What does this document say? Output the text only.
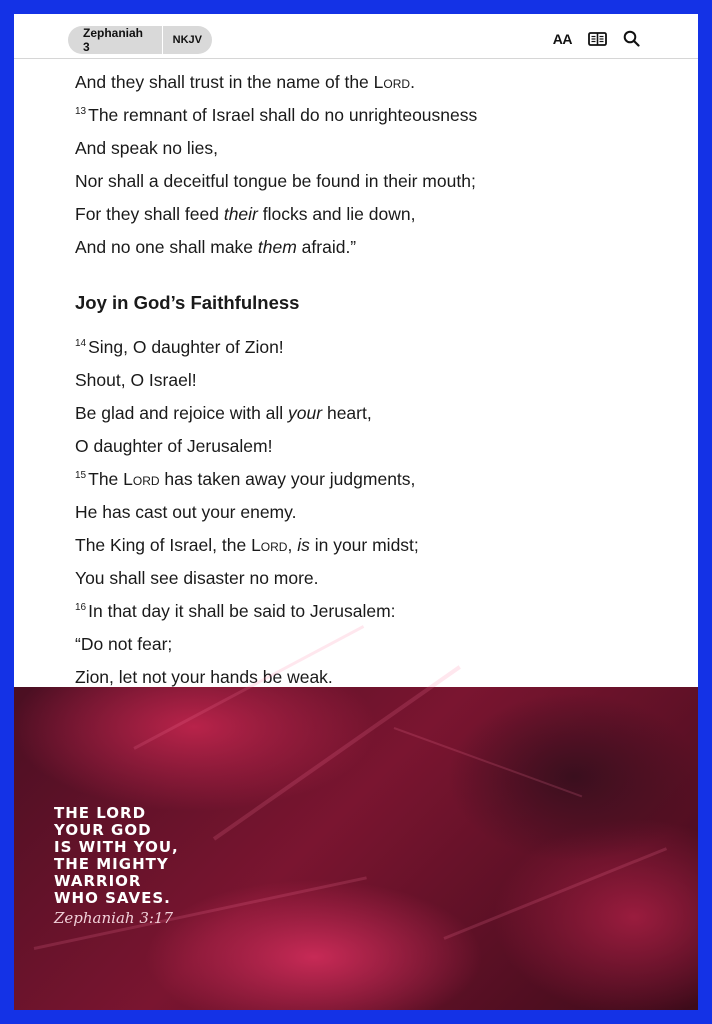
Zephaniah 3	NKJV	AA
And they shall trust in the name of the Lord.
$^{13}$ The remnant of Israel shall do no unrighteousness
And speak no lies,
Nor shall a deceitful tongue be found in their mouth;
For they shall feed their flocks and lie down,
And no one shall make them afraid.”
Joy in God’s Faithfulness
$^{14}$ Sing, O daughter of Zion!
Shout, O Israel!
Be glad and rejoice with all your heart,
O daughter of Jerusalem!
$^{15}$ The Lord has taken away your judgments,
He has cast out your enemy.
The King of Israel, the Lord, is in your midst;
You shall see disaster no more.
$^{16}$ In that day it shall be said to Jerusalem:
“Do not fear;
Zion, let not your hands be weak.
THE LORD
YOUR GOD
IS WITH YOU,
THE MIGHTY
WARRIOR
WHO SAVES.
Zephaniah 3:17
